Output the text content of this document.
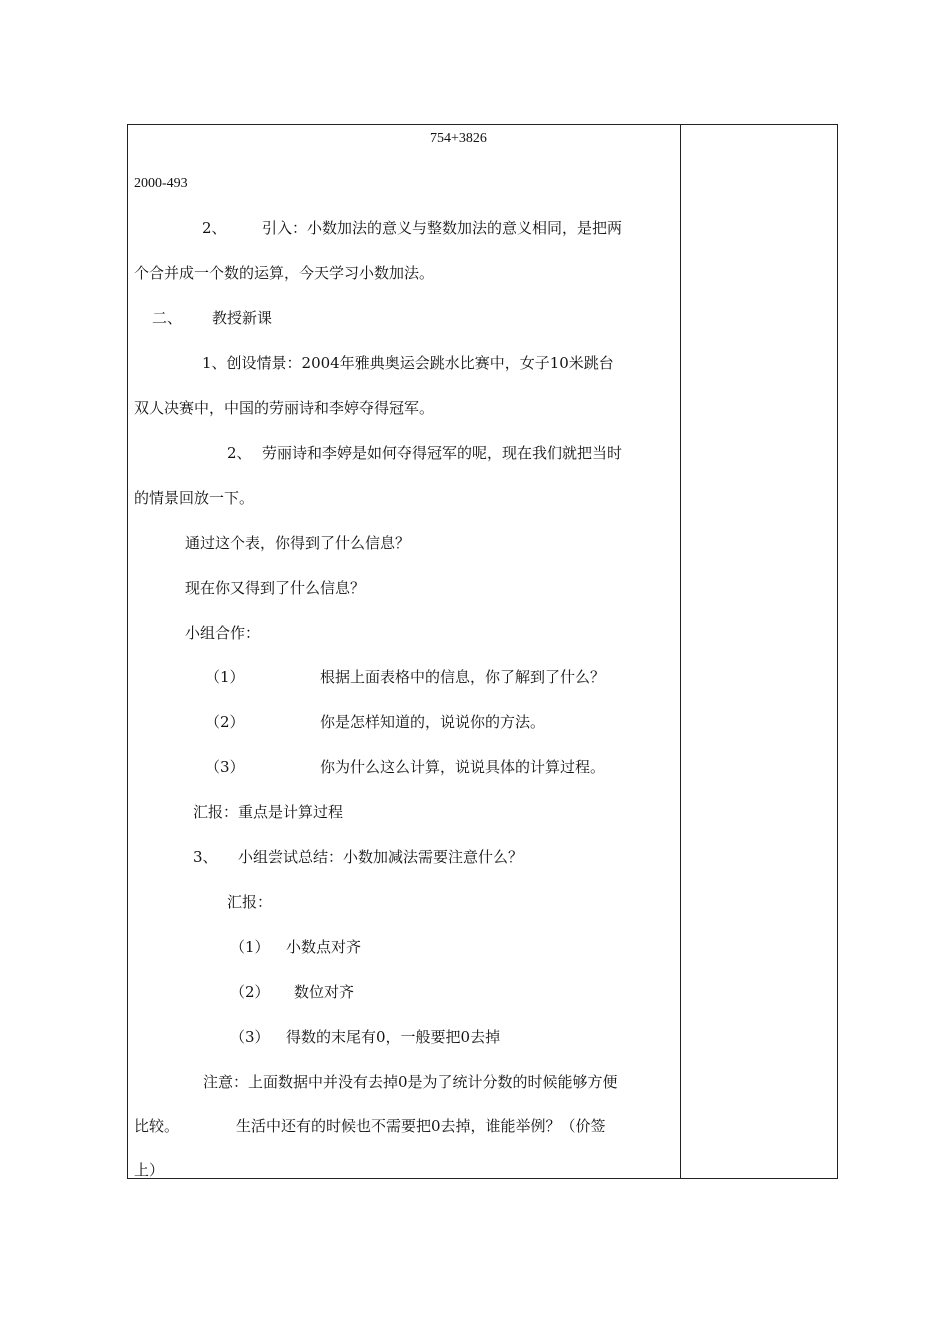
754+3826
2000-493
2、 引入：小数加法的意义与整数加法的意义相同，是把两
个合并成一个数的运算，今天学习小数加法。
二、 教授新课
1、创设情景：2004年雅典奥运会跳水比赛中，女子10米跳台
双人决赛中，中国的劳丽诗和李婷夺得冠军。
2、 劳丽诗和李婷是如何夺得冠军的呢，现在我们就把当时
的情景回放一下。
通过这个表，你得到了什么信息？
现在你又得到了什么信息？
小组合作：
（1）	根据上面表格中的信息，你了解到了什么？
（2）	你是怎样知道的，说说你的方法。
（3）	你为什么这么计算，说说具体的计算过程。
汇报：重点是计算过程
3、 小组尝试总结：小数加减法需要注意什么？
汇报：
（1） 小数点对齐
（2） 数位对齐
（3） 得数的末尾有0，一般要把0去掉
注意：上面数据中并没有去掉0是为了统计分数的时候能够方便
比较。	生活中还有的时候也不需要把0去掉，谁能举例？（价签
上）
